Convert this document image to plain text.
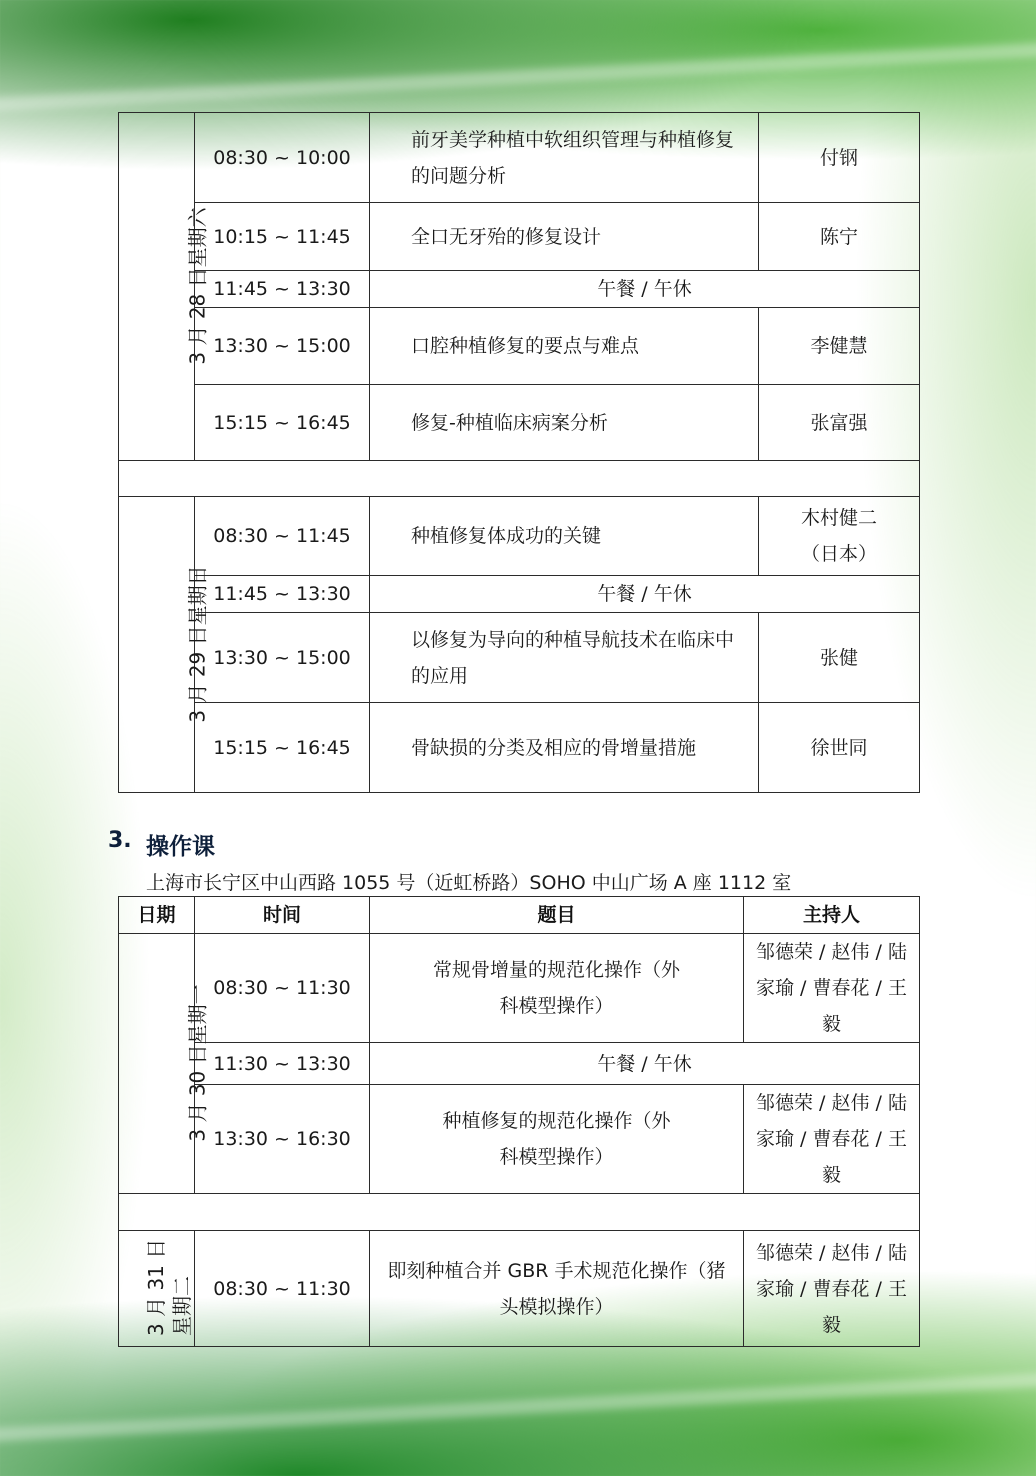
3 月 28 日星期六	08:30 ~ 10:00	前牙美学种植中软组织管理与种植修复的问题分析	付钢
	10:15 ~ 11:45	全口无牙殆的修复设计	陈宁
	11:45 ~ 13:30	午餐 / 午休	
	13:30 ~ 15:00	口腔种植修复的要点与难点	李健慧
	15:15 ~ 16:45	修复-种植临床病案分析	张富强

3 月 29 日星期日	08:30 ~ 11:45	种植修复体成功的关键	木村健二（日本）
	11:45 ~ 13:30	午餐 / 午休	
	13:30 ~ 15:00	以修复为导向的种植导航技术在临床中的应用	张健
	15:15 ~ 16:45	骨缺损的分类及相应的骨增量措施	徐世同
3. 操作课
上海市长宁区中山西路 1055 号（近虹桥路）SOHO 中山广场 A 座 1112 室
日期	时间	题目	主持人
3 月 30 日星期一	08:30 ~ 11:30	常规骨增量的规范化操作（外科模型操作）	邹德荣 / 赵伟 / 陆家瑜 / 曹春花 / 王毅
	11:30 ~ 13:30	午餐 / 午休	
	13:30 ~ 16:30	种植修复的规范化操作（外科模型操作）	邹德荣 / 赵伟 / 陆家瑜 / 曹春花 / 王毅

3 月 31 日星期二	08:30 ~ 11:30	即刻种植合并 GBR 手术规范化操作（猪头模拟操作）	邹德荣 / 赵伟 / 陆家瑜 / 曹春花 / 王毅
